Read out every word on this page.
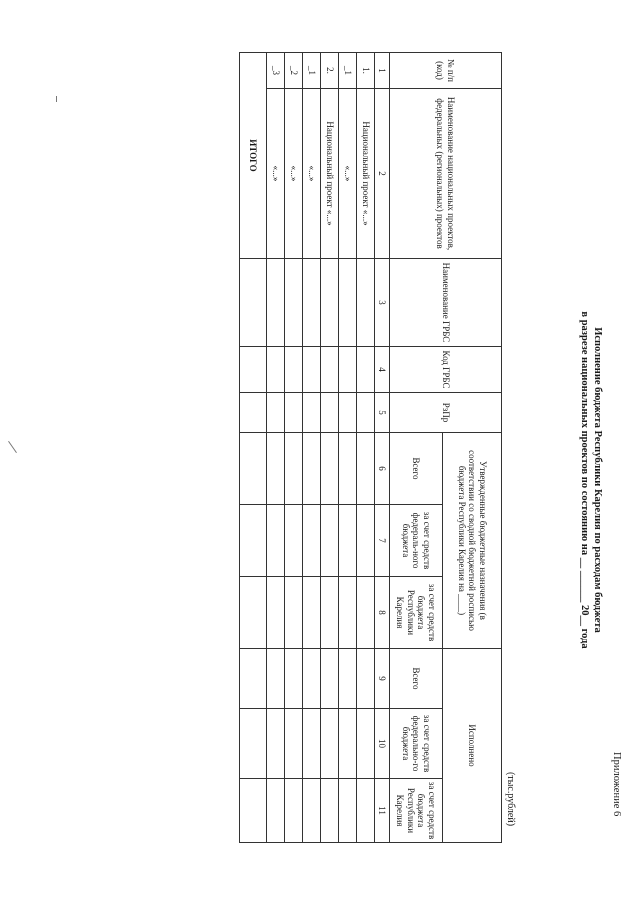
Приложение 6
Исполнение бюджета Республики Карелия по расходам бюджета
в разрезе национальных проектов по состоянию на __ ______ 20__ года
(тыс.рублей)
№ п/п (код)	Наименование национальных проектов, федеральных (региональных) проектов	Наименование ГРБС	Код ГРБС	РзПр	Утвержденные бюджетные назначения (в соответствии со сводной бюджетной росписью бюджета Республики Карелия на ____)			Исполнено		
					Всего	за счет средств федераль-ного бюджета	за счет средств бюджета Республики Карелия	Всего	за счет средств федерально-го бюджета	за счет средств бюджета Республики Карелия
1	2	3	4	5	6	7	8	9	10	11
1.	Национальный проект «...»									
_1	«...»									
2.	Национальный проект «...»									
_1	«...»									
_2	«...»									
_3	«...»									
ИТОГО										
